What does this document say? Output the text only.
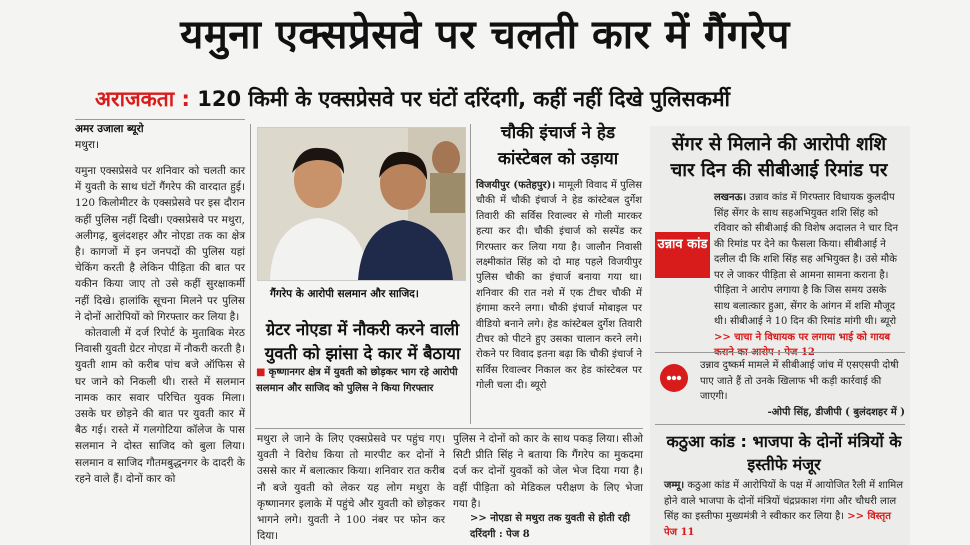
यमुना एक्सप्रेसवे पर चलती कार में गैंगरेप
अराजकता : 120 किमी के एक्सप्रेसवे पर घंटों दरिंदगी, कहीं नहीं दिखे पुलिसकर्मी
अमर उजाला ब्यूरो
मथुरा।
यमुना एक्सप्रेसवे पर शनिवार को चलती कार में युवती के साथ घंटों गैंगरेप की वारदात हुई। 120 किलोमीटर के एक्सप्रेसवे पर इस दौरान कहीं पुलिस नहीं दिखी। एक्सप्रेसवे पर मथुरा, अलीगढ़, बुलंदशहर और नोएडा तक का क्षेत्र है। कागजों में इन जनपदों की पुलिस यहां चेकिंग करती है लेकिन पीड़िता की बात पर यकीन किया जाए तो उसे कहीं सुरक्षाकर्मी नहीं दिखे। हालांकि सूचना मिलने पर पुलिस ने दोनों आरोपियों को गिरफ्तार कर लिया है।
कोतवाली में दर्ज रिपोर्ट के मुताबिक मेरठ निवासी युवती ग्रेटर नोएडा में नौकरी करती है। युवती शाम को करीब पांच बजे ऑफिस से घर जाने को निकली थी। रास्ते में सलमान नामक कार सवार परिचित युवक मिला। उसके घर छोड़ने की बात पर युवती कार में बैठ गई। रास्ते में गलगोटिया कॉलेज के पास सलमान ने दोस्त साजिद को बुला लिया। सलमान व साजिद गौतमबुद्धनगर के दादरी के रहने वाले हैं। दोनों कार को
गैंगरेप के आरोपी सलमान और साजिद।
ग्रेटर नोएडा में नौकरी करने वाली युवती को झांसा दे कार में बैठाया
■ कृष्णानगर क्षेत्र में युवती को छोड़कर भाग रहे आरोपी सलमान और साजिद को पुलिस ने किया गिरफ्तार
मथुरा ले जाने के लिए एक्सप्रेसवे पर पहुंच गए। युवती ने विरोध किया तो मारपीट कर दोनों ने उससे कार में बलात्कार किया। शनिवार रात करीब नौ बजे युवती को लेकर यह लोग मथुरा के कृष्णानगर इलाके में पहुंचे और युवती को छोड़कर भागने लगे। युवती ने 100 नंबर पर फोन कर दिया।
पुलिस ने दोनों को कार के साथ पकड़ लिया। सीओ सिटी प्रीति सिंह ने बताया कि गैंगरेप का मुकदमा दर्ज कर दोनों युवकों को जेल भेज दिया गया है। वहीं पीड़िता को मेडिकल परीक्षण के लिए भेजा गया है।
>> नोएडा से मथुरा तक युवती से होती रही दरिंदगी : पेज 8
चौकी इंचार्ज ने हेड कांस्टेबल को उड़ाया
विजयीपुर (फतेहपुर)। मामूली विवाद में पुलिस चौकी में चौकी इंचार्ज ने हेड कांस्टेबल दुर्गेश तिवारी की सर्विस रिवाल्वर से गोली मारकर हत्या कर दी। चौकी इंचार्ज को सस्पेंड कर गिरफ्तार कर लिया गया है। जालौन निवासी लक्ष्मीकांत सिंह को दो माह पहले विजयीपुर पुलिस चौकी का इंचार्ज बनाया गया था। शनिवार की रात नशे में एक टीचर चौकी में हंगामा करने लगा। चौकी इंचार्ज मोबाइल पर वीडियो बनाने लगे। हेड कांस्टेबल दुर्गेश तिवारी टीचर को पीटने हुए उसका चालान करने लगे। रोकने पर विवाद इतना बढ़ा कि चौकी इंचार्ज ने सर्विस रिवाल्वर निकाल कर हेड कांस्टेबल पर गोली चला दी। ब्यूरो
सेंगर से मिलाने की आरोपी शशि चार दिन की सीबीआई रिमांड पर
उन्नाव कांड
लखनऊ। उन्नाव कांड में गिरफ्तार विधायक कुलदीप सिंह सेंगर के साथ सहअभियुक्त शशि सिंह को रविवार को सीबीआई की विशेष अदालत ने चार दिन की रिमांड पर देने का फैसला किया। सीबीआई ने दलील दी कि शशि सिंह सह अभियुक्त है। उसे मौके पर ले जाकर पीड़िता से आमना सामना कराना है। पीड़िता ने आरोप लगाया है कि जिस समय उसके साथ बलात्कार हुआ, सेंगर के आंगन में शशि मौजूद थी। सीबीआई ने 10 दिन की रिमांड मांगी थी। ब्यूरो >> चाचा ने विधायक पर लगाया भाई को गायब
उन्नाव दुष्कर्म मामले में सीबीआई जांच में एसएसपी दोषी पाए जाते हैं तो उनके खिलाफ भी कड़ी कार्रवाई की जाएगी।
-ओपी सिंह, डीजीपी ( बुलंदशहर में )
कठुआ कांड : भाजपा के दोनों मंत्रियों के इस्तीफे मंजूर
जम्मू। कठुआ कांड में आरोपियों के पक्ष में आयोजित रैली में शामिल होने वाले भाजपा के दोनों मंत्रियों चंद्रप्रकाश गंगा और चौधरी लाल सिंह का इस्तीफा मुख्यमंत्री ने स्वीकार कर लिया है। >> विस्तृत पेज 11
